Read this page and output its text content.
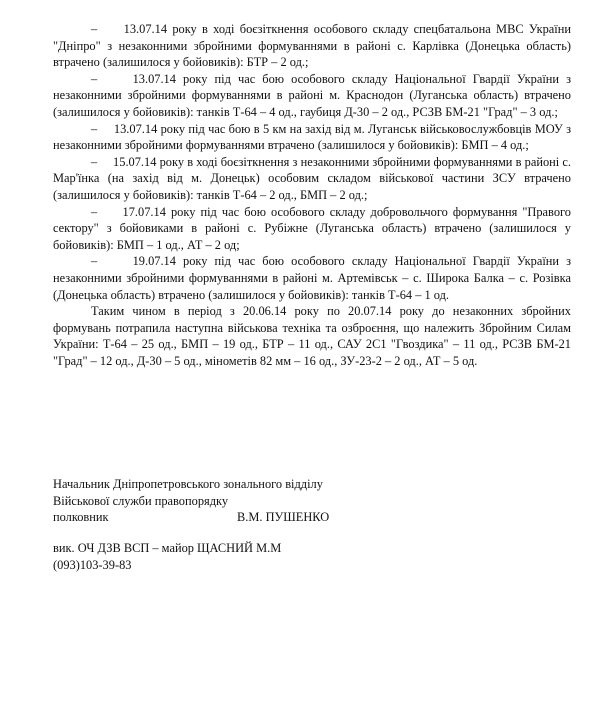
–     13.07.14 року в ході боєзіткнення особового складу спецбатальона МВС України "Дніпро" з незаконними збройними формуваннями в районі с. Карлівка (Донецька область) втрачено (залишилося у бойовиків): БТР – 2 од.;

–     13.07.14 року під час бою особового складу Національної Гвардії України з незаконними збройними формуваннями в районі м. Краснодон (Луганська область) втрачено (залишилося у бойовиків): танків Т-64 – 4 од., гаубиця Д-30 – 2 од., РСЗВ БМ-21 "Град" – 3 од.;

–     13.07.14 року під час бою в 5 км на захід від м. Луганськ військовослужбовців МОУ з незаконними збройними формуваннями втрачено (залишилося у бойовиків): БМП – 4 од.;

–     15.07.14 року в ході боєзіткнення з незаконними збройними формуваннями в районі с. Мар'їнка (на захід від м. Донецьк) особовим складом військової частини ЗСУ втрачено (залишилося у бойовиків): танків Т-64 – 2 од., БМП – 2 од.;

–     17.07.14 року під час бою особового складу добровольчого формування "Правого сектору" з бойовиками в районі с. Рубіжне (Луганська область) втрачено (залишилося у бойовиків): БМП – 1 од., АТ – 2 од;

–     19.07.14 року під час бою особового складу Національної Гвардії України з незаконними збройними формуваннями в районі м. Артемівськ – с. Широка Балка – с. Розівка (Донецька область) втрачено (залишилося у бойовиків): танків Т-64 – 1 од.

Таким чином в період з 20.06.14 року по 20.07.14 року до незаконних збройних формувань потрапила наступна військова техніка та озброєння, що належить Збройним Силам України: Т-64 – 25 од., БМП – 19 од., БТР – 11 од., САУ 2С1 "Гвоздика" – 11 од., РСЗВ БМ-21 "Град" – 12 од., Д-30 – 5 од., мінометів 82 мм – 16 од., ЗУ-23-2 – 2 од., АТ – 5 од.

Начальник Дніпропетровського зонального відділу

Військової служби правопорядку

полковник	В.М. ПУШЕНКО

вик. ОЧ ДЗВ ВСП – майор ЩАСНИЙ М.М

(093)103-39-83
